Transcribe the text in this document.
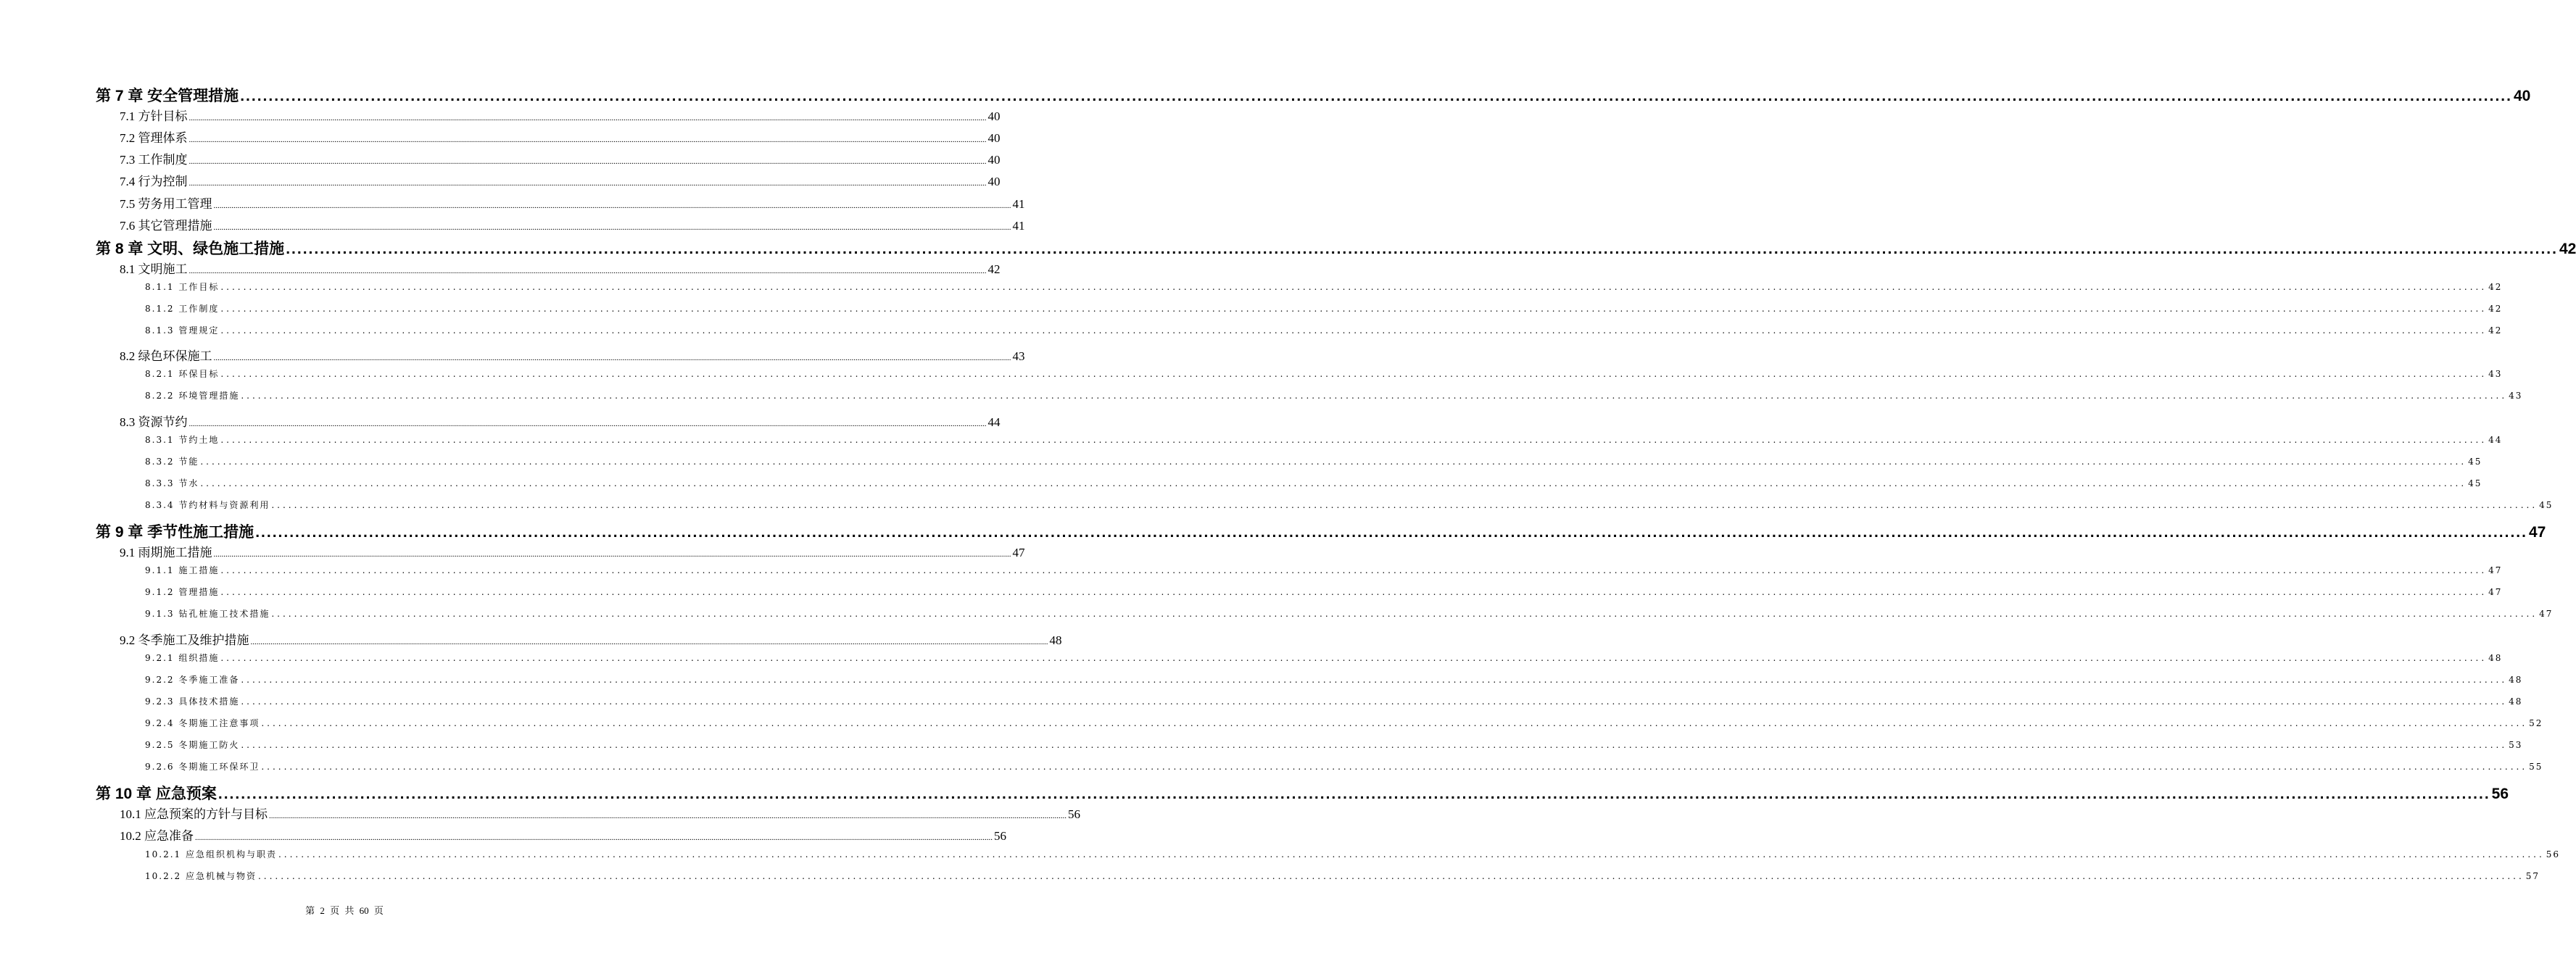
第 7 章 安全管理措施 ................................................................................................................................................................................................................................................................................................................................................................................................................ 40
7.1 方针目标 ................................................................................................................................................................................................................................................................................................................................................................................................................ 40
7.2 管理体系 ................................................................................................................................................................................................................................................................................................................................................................................................................ 40
7.3 工作制度 ................................................................................................................................................................................................................................................................................................................................................................................................................ 40
7.4 行为控制 ................................................................................................................................................................................................................................................................................................................................................................................................................ 40
7.5 劳务用工管理 ................................................................................................................................................................................................................................................................................................................................................................................................................ 41
7.6 其它管理措施 ................................................................................................................................................................................................................................................................................................................................................................................................................ 41
第 8 章 文明、绿色施工措施 ................................................................................................................................................................................................................................................................................................................................................................................................................ 42
8.1 文明施工 ................................................................................................................................................................................................................................................................................................................................................................................................................ 42
8.1.1 工作目标 ................................................................................................................................................................................................................................................................................................................................................................................................................ 42
8.1.2 工作制度 ................................................................................................................................................................................................................................................................................................................................................................................................................ 42
8.1.3 管理规定 ................................................................................................................................................................................................................................................................................................................................................................................................................ 42
8.2 绿色环保施工 ................................................................................................................................................................................................................................................................................................................................................................................................................ 43
8.2.1 环保目标 ................................................................................................................................................................................................................................................................................................................................................................................................................ 43
8.2.2 环境管理措施 ................................................................................................................................................................................................................................................................................................................................................................................................................ 43
8.3 资源节约 ................................................................................................................................................................................................................................................................................................................................................................................................................ 44
8.3.1 节约土地 ................................................................................................................................................................................................................................................................................................................................................................................................................ 44
8.3.2 节能 ................................................................................................................................................................................................................................................................................................................................................................................................................ 45
8.3.3 节水 ................................................................................................................................................................................................................................................................................................................................................................................................................ 45
8.3.4 节约材料与资源利用 ................................................................................................................................................................................................................................................................................................................................................................................................................ 45
第 9 章 季节性施工措施 ................................................................................................................................................................................................................................................................................................................................................................................................................ 47
9.1 雨期施工措施 ................................................................................................................................................................................................................................................................................................................................................................................................................ 47
9.1.1 施工措施 ................................................................................................................................................................................................................................................................................................................................................................................................................ 47
9.1.2 管理措施 ................................................................................................................................................................................................................................................................................................................................................................................................................ 47
9.1.3 钻孔桩施工技术措施 ................................................................................................................................................................................................................................................................................................................................................................................................................ 47
9.2 冬季施工及维护措施 ................................................................................................................................................................................................................................................................................................................................................................................................................ 48
9.2.1 组织措施 ................................................................................................................................................................................................................................................................................................................................................................................................................ 48
9.2.2 冬季施工准备 ................................................................................................................................................................................................................................................................................................................................................................................................................ 48
9.2.3 具体技术措施 ................................................................................................................................................................................................................................................................................................................................................................................................................ 48
9.2.4 冬期施工注意事项 ................................................................................................................................................................................................................................................................................................................................................................................................................ 52
9.2.5 冬期施工防火 ................................................................................................................................................................................................................................................................................................................................................................................................................ 53
9.2.6 冬期施工环保环卫 ................................................................................................................................................................................................................................................................................................................................................................................................................ 55
第 10 章 应急预案 ................................................................................................................................................................................................................................................................................................................................................................................................................ 56
10.1 应急预案的方针与目标 ................................................................................................................................................................................................................................................................................................................................................................................................................ 56
10.2 应急准备 ................................................................................................................................................................................................................................................................................................................................................................................................................ 56
10.2.1 应急组织机构与职责 ................................................................................................................................................................................................................................................................................................................................................................................................................ 56
10.2.2 应急机械与物资 ................................................................................................................................................................................................................................................................................................................................................................................................................ 57
第 2 页 共 60 页
